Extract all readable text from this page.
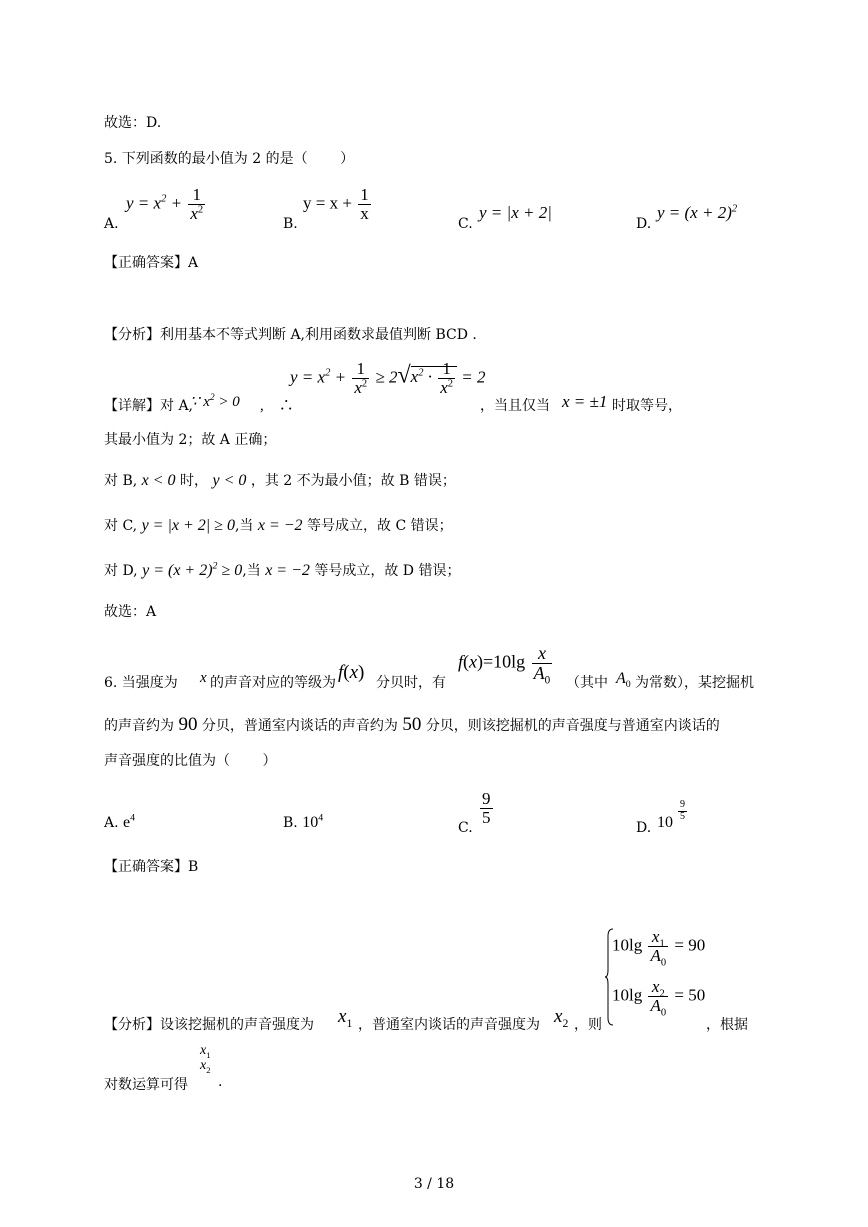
故选：D.
5. 下列函数的最小值为 2 的是（　　 ）
A.
$y = x^2 + \frac{1}{x^2}$
B.
$y = x + \frac{1}{x}$
C.
y = |x + 2|
D.
$y = (x + 2)^2$
【正确答案】A
【分析】利用基本不等式判断 A,利用函数求最值判断 BCD .
【详解】对 A,
∵ $x^2 > 0$ ,　∴
$y = x^2 + \frac{1}{x^2} \ge 2√x^2 \cdot \frac{1}{x^2} = 2$
，当且仅当 x = ±1 时取等号，
其最小值为 2；故 A 正确；
对 B, x < 0 时， y < 0 ，其 2 不为最小值；故 B 错误；
对 C, y = |x + 2| ≥ 0,当 x = −2 等号成立，故 C 错误；
对 D, $y = (x + 2)^2 \ge 0$,当 x = −2 等号成立，故 D 错误；
故选：A
6. 当强度为 x 的声音对应的等级为 f(x) 分贝时，有
$f(x)=10\lg \frac{x}{A_0}$
（其中 $A_0$ 为常数），某挖掘机
的声音约为 90 分贝，普通室内谈话的声音约为 50 分贝，则该挖掘机的声音强度与普通室内谈话的
声音强度的比值为（　　 ）
A. $e^4$	B. $10^4$
C.
$\frac{9}{5}$
D. 10
$\frac{9}{5}$
【正确答案】B
$10\lg \frac{x_1}{A_0} = 90$
$10\lg \frac{x_2}{A_0} = 50$
【分析】设该挖掘机的声音强度为 $x_1$ ，普通室内谈话的声音强度为 $x_2$ ，则	，根据
对数运算可得
$x_1$
$x_2$
.
3 / 18
